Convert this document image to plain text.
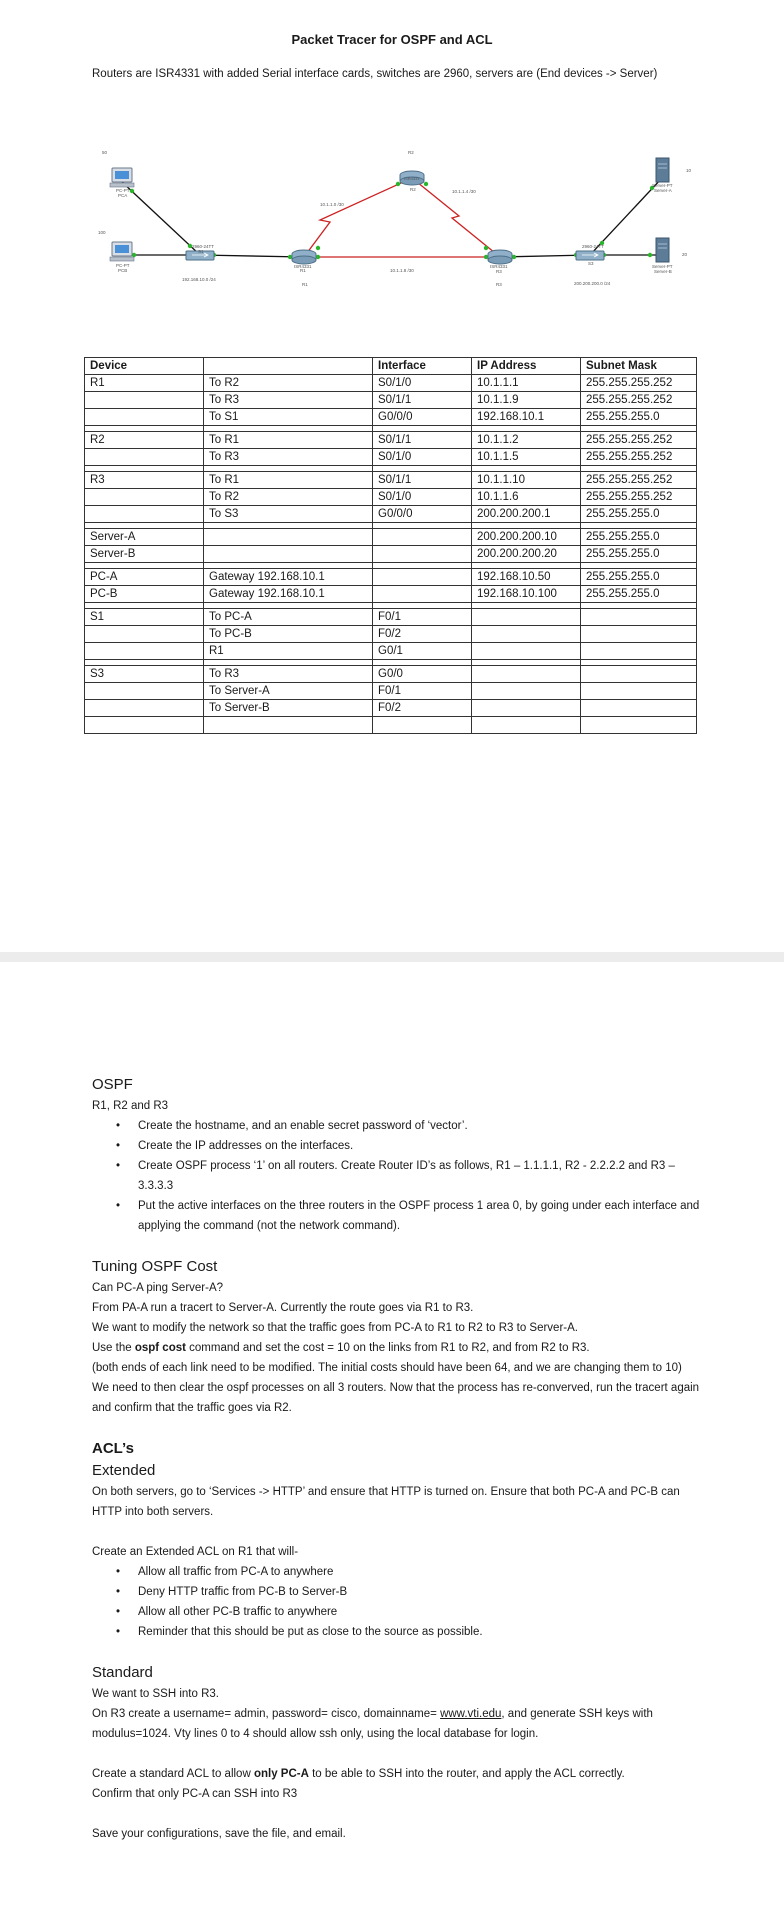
Packet Tracer for OSPF and ACL
Routers are ISR4331 with added Serial interface cards, switches are 2960, servers are (End devices -> Server)
50
PC-PT
PCA
100
PC-PT
PCB
2960-24TT
S1
192.168.10.0 /24
ISR4331
R1
R1
R2
ISR4331
R2
10.1.1.0 /30
10.1.1.4 /30
10.1.1.8 /30
ISR4331
R3
R3
2960-24TT
S3
200.200.200.0 /24
10
Server-PT
Server-A
20
Server-PT
Server-B
Device		Interface	IP Address	Subnet Mask
R1	To R2	S0/1/0	10.1.1.1	255.255.255.252
	To R3	S0/1/1	10.1.1.9	255.255.255.252
	To S1	G0/0/0	192.168.10.1	255.255.255.0

R2	To R1	S0/1/1	10.1.1.2	255.255.255.252
	To R3	S0/1/0	10.1.1.5	255.255.255.252

R3	To R1	S0/1/1	10.1.1.10	255.255.255.252
	To R2	S0/1/0	10.1.1.6	255.255.255.252
	To S3	G0/0/0	200.200.200.1	255.255.255.0

Server-A			200.200.200.10	255.255.255.0
Server-B			200.200.200.20	255.255.255.0

PC-A	Gateway 192.168.10.1		192.168.10.50	255.255.255.0
PC-B	Gateway 192.168.10.1		192.168.10.100	255.255.255.0

S1	To PC-A	F0/1		
	To PC-B	F0/2		
	R1	G0/1		

S3	To R3	G0/0		
	To Server-A	F0/1		
	To Server-B	F0/2		

OSPF
R1, R2 and R3
• Create the hostname, and an enable secret password of ‘vector’.
• Create the IP addresses on the interfaces.
• Create OSPF process ‘1’ on all routers. Create Router ID’s as follows, R1 – 1.1.1.1, R2 - 2.2.2.2 and R3 – 3.3.3.3
• Put the active interfaces on the three routers in the OSPF process 1 area 0, by going under each interface and applying the command (not the network command).
Tuning OSPF Cost
Can PC-A ping Server-A?
From PA-A run a tracert to Server-A. Currently the route goes via R1 to R3.
We want to modify the network so that the traffic goes from PC-A to R1 to R2 to R3 to Server-A.
Use the ospf cost command and set the cost = 10 on the links from R1 to R2, and from R2 to R3.
(both ends of each link need to be modified. The initial costs should have been 64, and we are changing them to 10)
We need to then clear the ospf processes on all 3 routers. Now that the process has re-converved, run the tracert again and confirm that the traffic goes via R2.
ACL’s
Extended
On both servers, go to ‘Services -> HTTP’ and ensure that HTTP is turned on. Ensure that both PC-A and PC-B can HTTP into both servers.
Create an Extended ACL on R1 that will-
• Allow all traffic from PC-A to anywhere
• Deny HTTP traffic from PC-B to Server-B
• Allow all other PC-B traffic to anywhere
• Reminder that this should be put as close to the source as possible.
Standard
We want to SSH into R3.
On R3 create a username= admin, password= cisco, domainname= www.vti.edu, and generate SSH keys with modulus=1024. Vty lines 0 to 4 should allow ssh only, using the local database for login.
Create a standard ACL to allow only PC-A to be able to SSH into the router, and apply the ACL correctly.
Confirm that only PC-A can SSH into R3
Save your configurations, save the file, and email.
